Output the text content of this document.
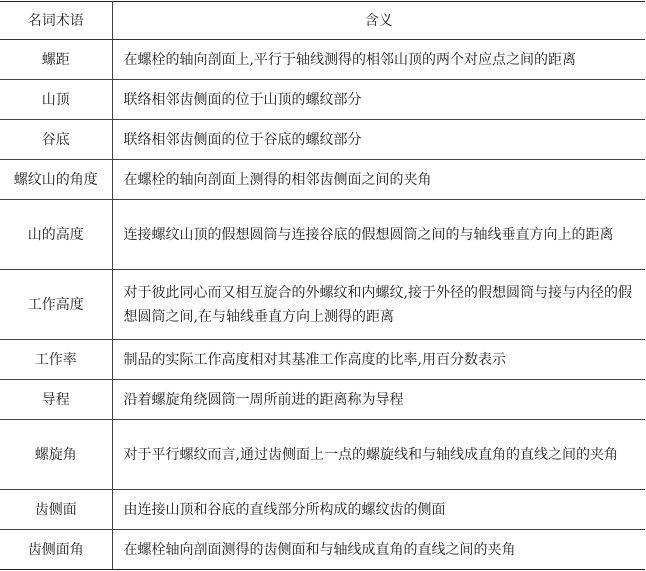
名词术语	含义
螺距	在螺栓的轴向剖面上,平行于轴线测得的相邻山顶的两个对应点之间的距离
山顶	联络相邻齿侧面的位于山顶的螺纹部分
谷底	联络相邻齿侧面的位于谷底的螺纹部分
螺纹山的角度	在螺栓的轴向剖面上测得的相邻齿侧面之间的夹角
山的高度	连接螺纹山顶的假想圆筒与连接谷底的假想圆筒之间的与轴线垂直方向上的距离
工作高度	对于彼此同心而又相互旋合的外螺纹和内螺纹,接于外径的假想圆筒与接与内径的假想圆筒之间,在与轴线垂直方向上测得的距离
工作率	制品的实际工作高度相对其基准工作高度的比率,用百分数表示
导程	沿着螺旋角绕圆筒一周所前进的距离称为导程
螺旋角	对于平行螺纹而言,通过齿侧面上一点的螺旋线和与轴线成直角的直线之间的夹角
齿侧面	由连接山顶和谷底的直线部分所构成的螺纹齿的侧面
齿侧面角	在螺栓轴向剖面测得的齿侧面和与轴线成直角的直线之间的夹角
